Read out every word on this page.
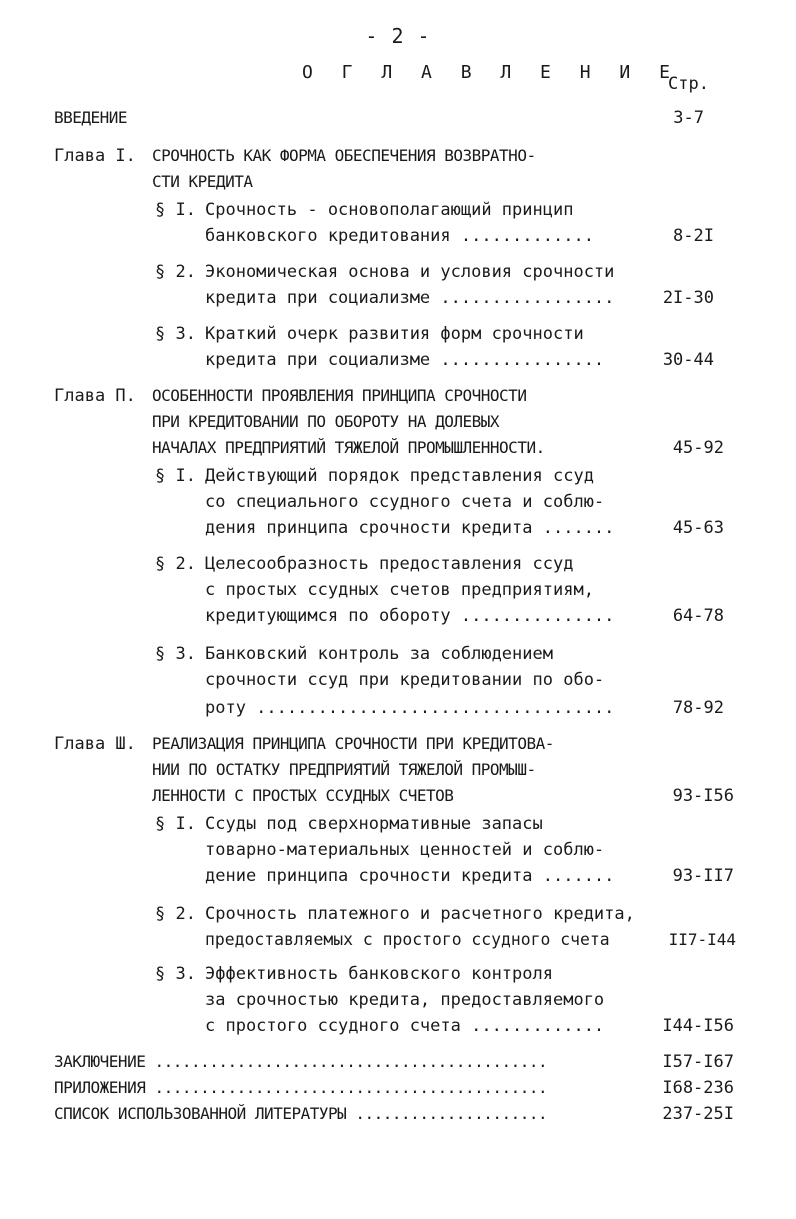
- 2 -
О Г Л А В Л Е Н И Е
Стр.
ВВЕДЕНИЕ	3-7
Глава I. СРОЧНОСТЬ КАК ФОРМА ОБЕСПЕЧЕНИЯ ВОЗВРАТНО-
СТИ КРЕДИТА
§ I. Срочность - основополагающий принцип
банковского кредитования .............	8-2I
§ 2. Экономическая основа и условия срочности
кредита при социализме .................	2I-30
§ 3. Краткий очерк развития форм срочности
кредита при социализме ................	30-44
Глава П. ОСОБЕННОСТИ ПРОЯВЛЕНИЯ ПРИНЦИПА СРОЧНОСТИ
ПРИ КРЕДИТОВАНИИ ПО ОБОРОТУ НА ДОЛЕВЫХ
НАЧАЛАХ ПРЕДПРИЯТИЙ ТЯЖЕЛОЙ ПРОМЫШЛЕННОСТИ.	45-92
§ I. Действующий порядок представления ссуд
со специального ссудного счета и соблю-
дения принципа срочности кредита .......	45-63
§ 2. Целесообразность предоставления ссуд
с простых ссудных счетов предприятиям,
кредитующимся по обороту ...............	64-78
§ 3. Банковский контроль за соблюдением
срочности ссуд при кредитовании по обо-
роту ...................................	78-92
Глава Ш. РЕАЛИЗАЦИЯ ПРИНЦИПА СРОЧНОСТИ ПРИ КРЕДИТОВА-
НИИ ПО ОСТАТКУ ПРЕДПРИЯТИЙ ТЯЖЕЛОЙ ПРОМЫШ-
ЛЕННОСТИ С ПРОСТЫХ ССУДНЫХ СЧЕТОВ	93-I56
§ I. Ссуды под сверхнормативные запасы
товарно-материальных ценностей и соблю-
дение принципа срочности кредита .......	93-II7
§ 2. Срочность платежного и расчетного кредита,
предоставляемых с простого ссудного счета	II7-I44
§ 3. Эффективность банковского контроля
за срочностью кредита, предоставляемого
с простого ссудного счета .............	I44-I56
ЗАКЛЮЧЕНИЕ ...........................................	I57-I67
ПРИЛОЖЕНИЯ ...........................................	I68-236
СПИСОК ИСПОЛЬЗОВАННОЙ ЛИТЕРАТУРЫ .....................	237-25I
